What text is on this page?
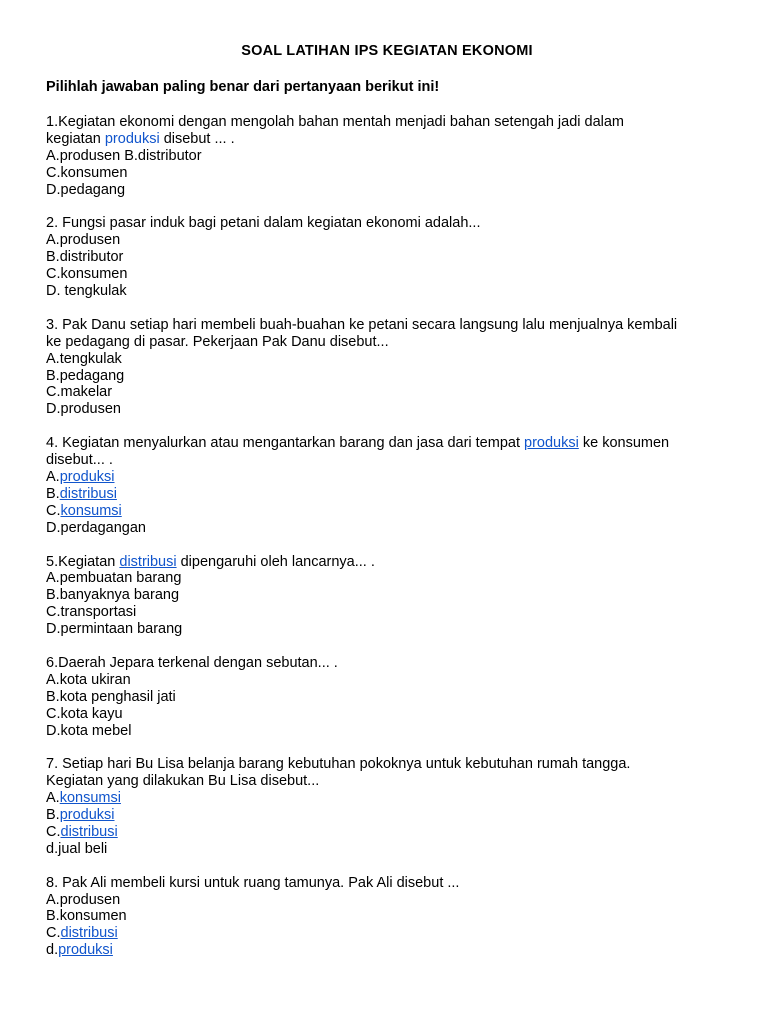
SOAL LATIHAN IPS KEGIATAN EKONOMI
Pilihlah jawaban paling benar dari pertanyaan berikut ini!

1.Kegiatan ekonomi dengan mengolah bahan mentah menjadi bahan setengah jadi dalam

kegiatan produksi disebut ... .

A.produsen B.distributor

C.konsumen

D.pedagang

2. Fungsi pasar induk bagi petani dalam kegiatan ekonomi adalah...

A.produsen

B.distributor

C.konsumen

D. tengkulak

3. Pak Danu setiap hari membeli buah-buahan ke petani secara langsung lalu menjualnya kembali

ke pedagang di pasar. Pekerjaan Pak Danu disebut...

A.tengkulak

B.pedagang

C.makelar

D.produsen

4. Kegiatan menyalurkan atau mengantarkan barang dan jasa dari tempat produksi ke konsumen

disebut... .

A.produksi

B.distribusi

C.konsumsi

D.perdagangan

5.Kegiatan distribusi dipengaruhi oleh lancarnya... .

A.pembuatan barang

B.banyaknya barang

C.transportasi

D.permintaan barang

6.Daerah Jepara terkenal dengan sebutan... .

A.kota ukiran

B.kota penghasil jati

C.kota kayu

D.kota mebel

7. Setiap hari Bu Lisa belanja barang kebutuhan pokoknya untuk kebutuhan rumah tangga.

Kegiatan yang dilakukan Bu Lisa disebut...

A.konsumsi

B.produksi

C.distribusi

d.jual beli

8. Pak Ali membeli kursi untuk ruang tamunya. Pak Ali disebut ...

A.produsen

B.konsumen

C.distribusi

d.produksi
